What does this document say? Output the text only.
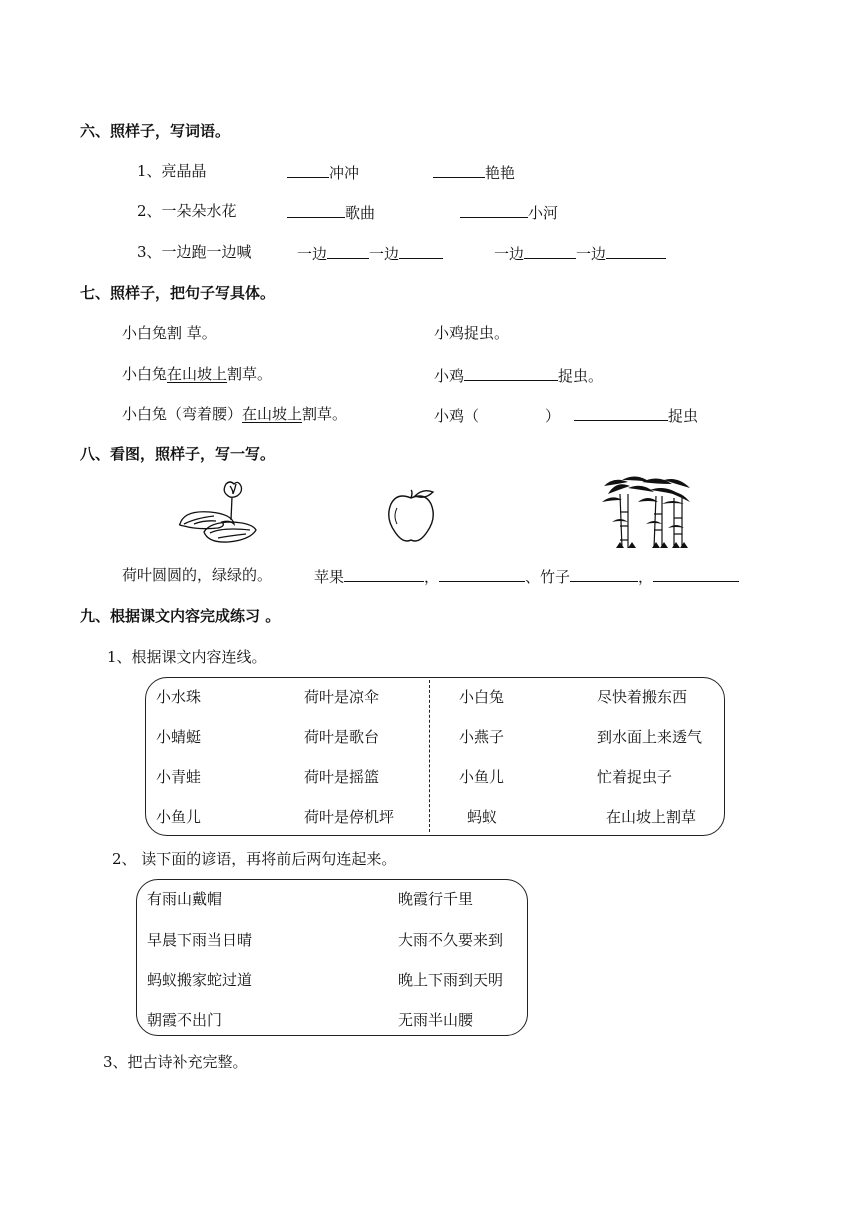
六、照样子，写词语。
1、亮晶晶	冲冲	艳艳
2、一朵朵水花	歌曲	小河
3、一边跑一边喊	一边	一边	一边	一边
七、照样子，把句子写具体。
小白兔割 草。
小白兔在山坡上割草。
小白兔（弯着腰）在山坡上割草。
小鸡捉虫。
小鸡	捉虫。
小鸡（	）	捉虫
八、看图，照样子，写一写。
荷叶圆圆的，绿绿的。	苹果	，	、竹子	，
九、根据课文内容完成练习 。
1、根据课文内容连线。
小水珠	荷叶是凉伞	小白兔	尽快着搬东西
小蜻蜓	荷叶是歌台	小燕子	到水面上来透气
小青蛙	荷叶是摇篮	小鱼儿	忙着捉虫子
小鱼儿	荷叶是停机坪	蚂蚁	在山坡上割草
2、 读下面的谚语，再将前后两句连起来。
有雨山戴帽	晚霞行千里
早晨下雨当日晴	大雨不久要来到
蚂蚁搬家蛇过道	晚上下雨到天明
朝霞不出门	无雨半山腰
3、把古诗补充完整。
